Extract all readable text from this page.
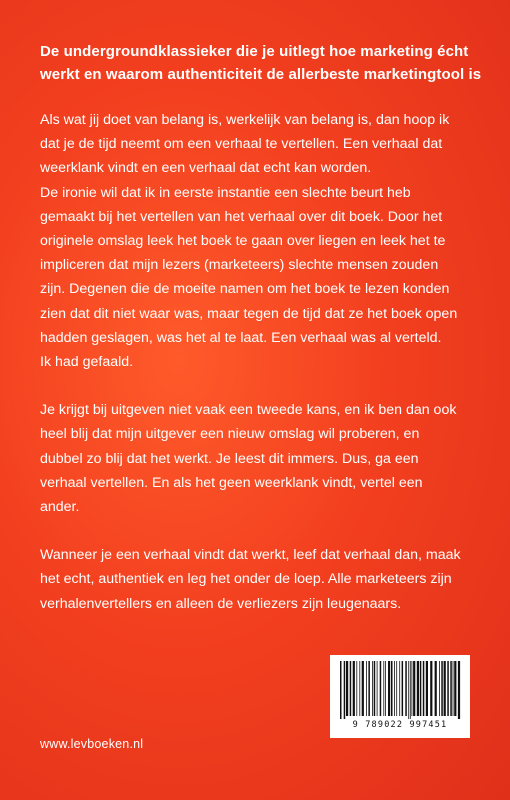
De undergroundklassieker die je uitlegt hoe marketing écht
werkt en waarom authenticiteit de allerbeste marketingtool is

Als wat jij doet van belang is, werkelijk van belang is, dan hoop ik
dat je de tijd neemt om een verhaal te vertellen. Een verhaal dat
weerklank vindt en een verhaal dat echt kan worden.
De ironie wil dat ik in eerste instantie een slechte beurt heb
gemaakt bij het vertellen van het verhaal over dit boek. Door het
originele omslag leek het boek te gaan over liegen en leek het te
impliceren dat mijn lezers (marketeers) slechte mensen zouden
zijn. Degenen die de moeite namen om het boek te lezen konden
zien dat dit niet waar was, maar tegen de tijd dat ze het boek open
hadden geslagen, was het al te laat. Een verhaal was al verteld.
Ik had gefaald.

Je krijgt bij uitgeven niet vaak een tweede kans, en ik ben dan ook
heel blij dat mijn uitgever een nieuw omslag wil proberen, en
dubbel zo blij dat het werkt. Je leest dit immers. Dus, ga een
verhaal vertellen. En als het geen weerklank vindt, vertel een
ander.

Wanneer je een verhaal vindt dat werkt, leef dat verhaal dan, maak
het echt, authentiek en leg het onder de loep. Alle marketeers zijn
verhalenvertellers en alleen de verliezers zijn leugenaars.

9 789022 997451
www.levboeken.nl
